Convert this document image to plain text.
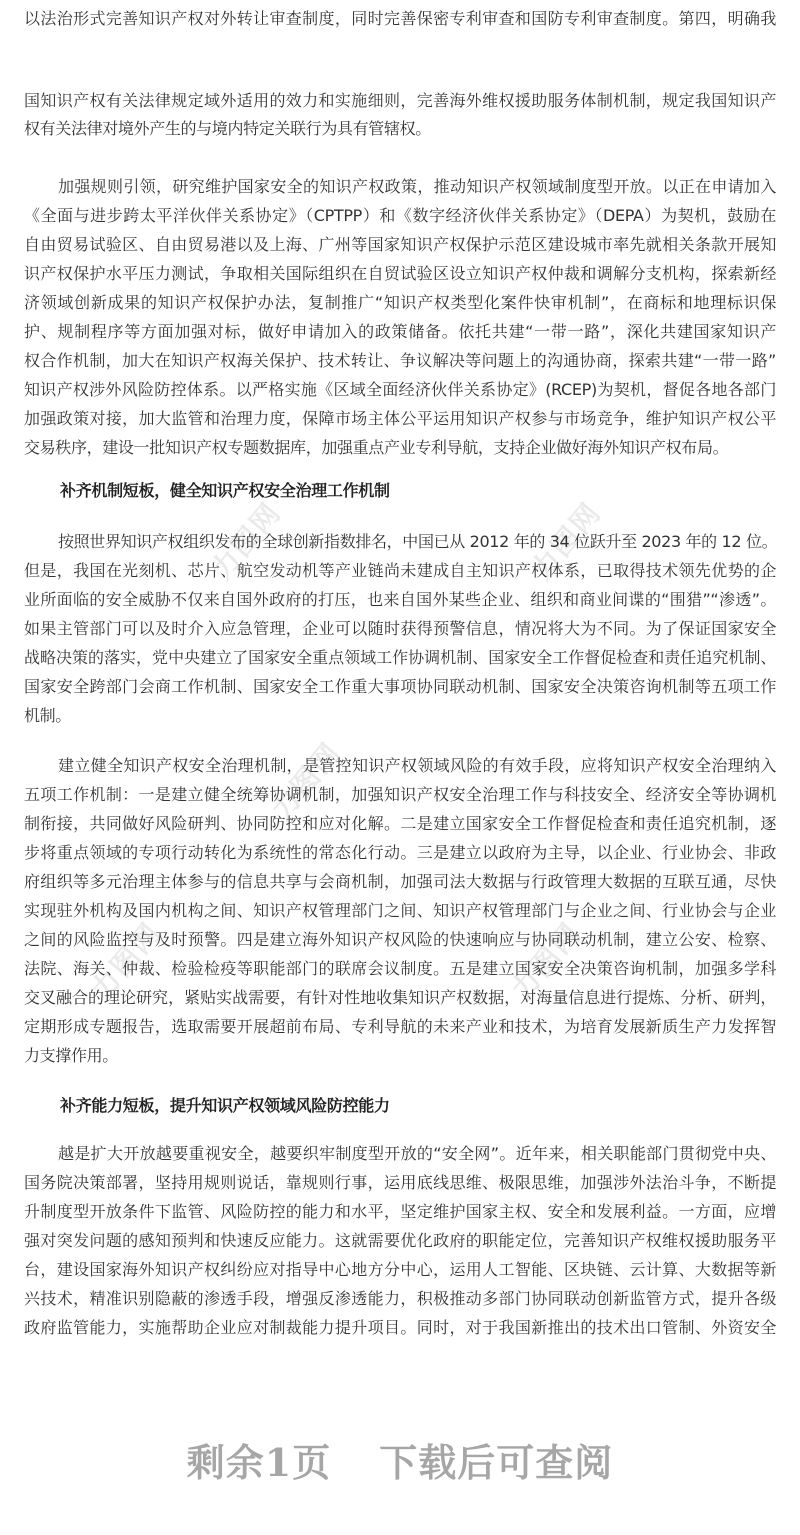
力图网	力图网
力图网
力图网	力图网
以法治形式完善知识产权对外转让审查制度，同时完善保密专利审查和国防专利审查制度。第四，明确我
国知识产权有关法律规定域外适用的效力和实施细则，完善海外维权援助服务体制机制，规定我国知识产
权有关法律对境外产生的与境内特定关联行为具有管辖权。
加强规则引领，研究维护国家安全的知识产权政策，推动知识产权领域制度型开放。以正在申请加入
《全面与进步跨太平洋伙伴关系协定》（CPTPP）和《数字经济伙伴关系协定》（DEPA）为契机，鼓励在
自由贸易试验区、自由贸易港以及上海、广州等国家知识产权保护示范区建设城市率先就相关条款开展知
识产权保护水平压力测试，争取相关国际组织在自贸试验区设立知识产权仲裁和调解分支机构，探索新经
济领域创新成果的知识产权保护办法，复制推广“知识产权类型化案件快审机制”，在商标和地理标识保
护、规制程序等方面加强对标，做好申请加入的政策储备。依托共建“一带一路”，深化共建国家知识产
权合作机制，加大在知识产权海关保护、技术转让、争议解决等问题上的沟通协商，探索共建“一带一路”
知识产权涉外风险防控体系。以严格实施《区域全面经济伙伴关系协定》(RCEP)为契机，督促各地各部门
加强政策对接，加大监管和治理力度，保障市场主体公平运用知识产权参与市场竞争，维护知识产权公平
交易秩序，建设一批知识产权专题数据库，加强重点产业专利导航，支持企业做好海外知识产权布局。
补齐机制短板，健全知识产权安全治理工作机制
按照世界知识产权组织发布的全球创新指数排名，中国已从 2012 年的 34 位跃升至 2023 年的 12 位。
但是，我国在光刻机、芯片、航空发动机等产业链尚未建成自主知识产权体系，已取得技术领先优势的企
业所面临的安全威胁不仅来自国外政府的打压，也来自国外某些企业、组织和商业间谍的“围猎”“渗透”。
如果主管部门可以及时介入应急管理，企业可以随时获得预警信息，情况将大为不同。为了保证国家安全
战略决策的落实，党中央建立了国家安全重点领域工作协调机制、国家安全工作督促检查和责任追究机制、
国家安全跨部门会商工作机制、国家安全工作重大事项协同联动机制、国家安全决策咨询机制等五项工作
机制。
建立健全知识产权安全治理机制，是管控知识产权领域风险的有效手段，应将知识产权安全治理纳入
五项工作机制：一是建立健全统筹协调机制，加强知识产权安全治理工作与科技安全、经济安全等协调机
制衔接，共同做好风险研判、协同防控和应对化解。二是建立国家安全工作督促检查和责任追究机制，逐
步将重点领域的专项行动转化为系统性的常态化行动。三是建立以政府为主导，以企业、行业协会、非政
府组织等多元治理主体参与的信息共享与会商机制，加强司法大数据与行政管理大数据的互联互通，尽快
实现驻外机构及国内机构之间、知识产权管理部门之间、知识产权管理部门与企业之间、行业协会与企业
之间的风险监控与及时预警。四是建立海外知识产权风险的快速响应与协同联动机制，建立公安、检察、
法院、海关、仲裁、检验检疫等职能部门的联席会议制度。五是建立国家安全决策咨询机制，加强多学科
交叉融合的理论研究，紧贴实战需要，有针对性地收集知识产权数据，对海量信息进行提炼、分析、研判，
定期形成专题报告，选取需要开展超前布局、专利导航的未来产业和技术，为培育发展新质生产力发挥智
力支撑作用。
补齐能力短板，提升知识产权领域风险防控能力
越是扩大开放越要重视安全，越要织牢制度型开放的“安全网”。近年来，相关职能部门贯彻党中央、
国务院决策部署，坚持用规则说话，靠规则行事，运用底线思维、极限思维，加强涉外法治斗争，不断提
升制度型开放条件下监管、风险防控的能力和水平，坚定维护国家主权、安全和发展利益。一方面，应增
强对突发问题的感知预判和快速反应能力。这就需要优化政府的职能定位，完善知识产权维权援助服务平
台，建设国家海外知识产权纠纷应对指导中心地方分中心，运用人工智能、区块链、云计算、大数据等新
兴技术，精准识别隐蔽的渗透手段，增强反渗透能力，积极推动多部门协同联动创新监管方式，提升各级
政府监管能力，实施帮助企业应对制裁能力提升项目。同时，对于我国新推出的技术出口管制、外资安全
剩余1页 下载后可查阅
